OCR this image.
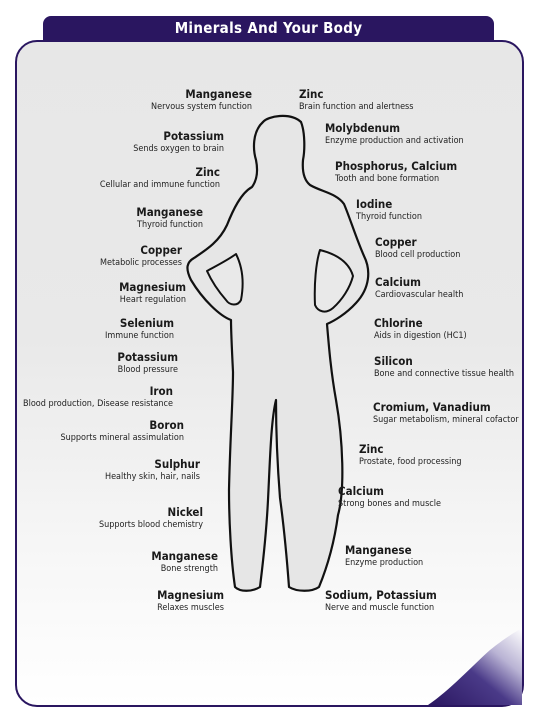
Minerals And Your Body
Manganese
Nervous system function
Potassium
Sends oxygen to brain
Zinc
Cellular and immune function
Manganese
Thyroid function
Copper
Metabolic processes
Magnesium
Heart regulation
Selenium
Immune function
Potassium
Blood pressure
Iron
Blood production, Disease resistance
Boron
Supports mineral assimulation
Sulphur
Healthy skin, hair, nails
Nickel
Supports blood chemistry
Manganese
Bone strength
Magnesium
Relaxes muscles
Zinc
Brain function and alertness
Molybdenum
Enzyme production and activation
Phosphorus, Calcium
Tooth and bone formation
Iodine
Thyroid function
Copper
Blood cell production
Calcium
Cardiovascular health
Chlorine
Aids in digestion (HC1)
Silicon
Bone and connective tissue health
Cromium, Vanadium
Sugar metabolism, mineral cofactor
Zinc
Prostate, food processing
Calcium
Strong bones and muscle
Manganese
Enzyme production
Sodium, Potassium
Nerve and muscle function
